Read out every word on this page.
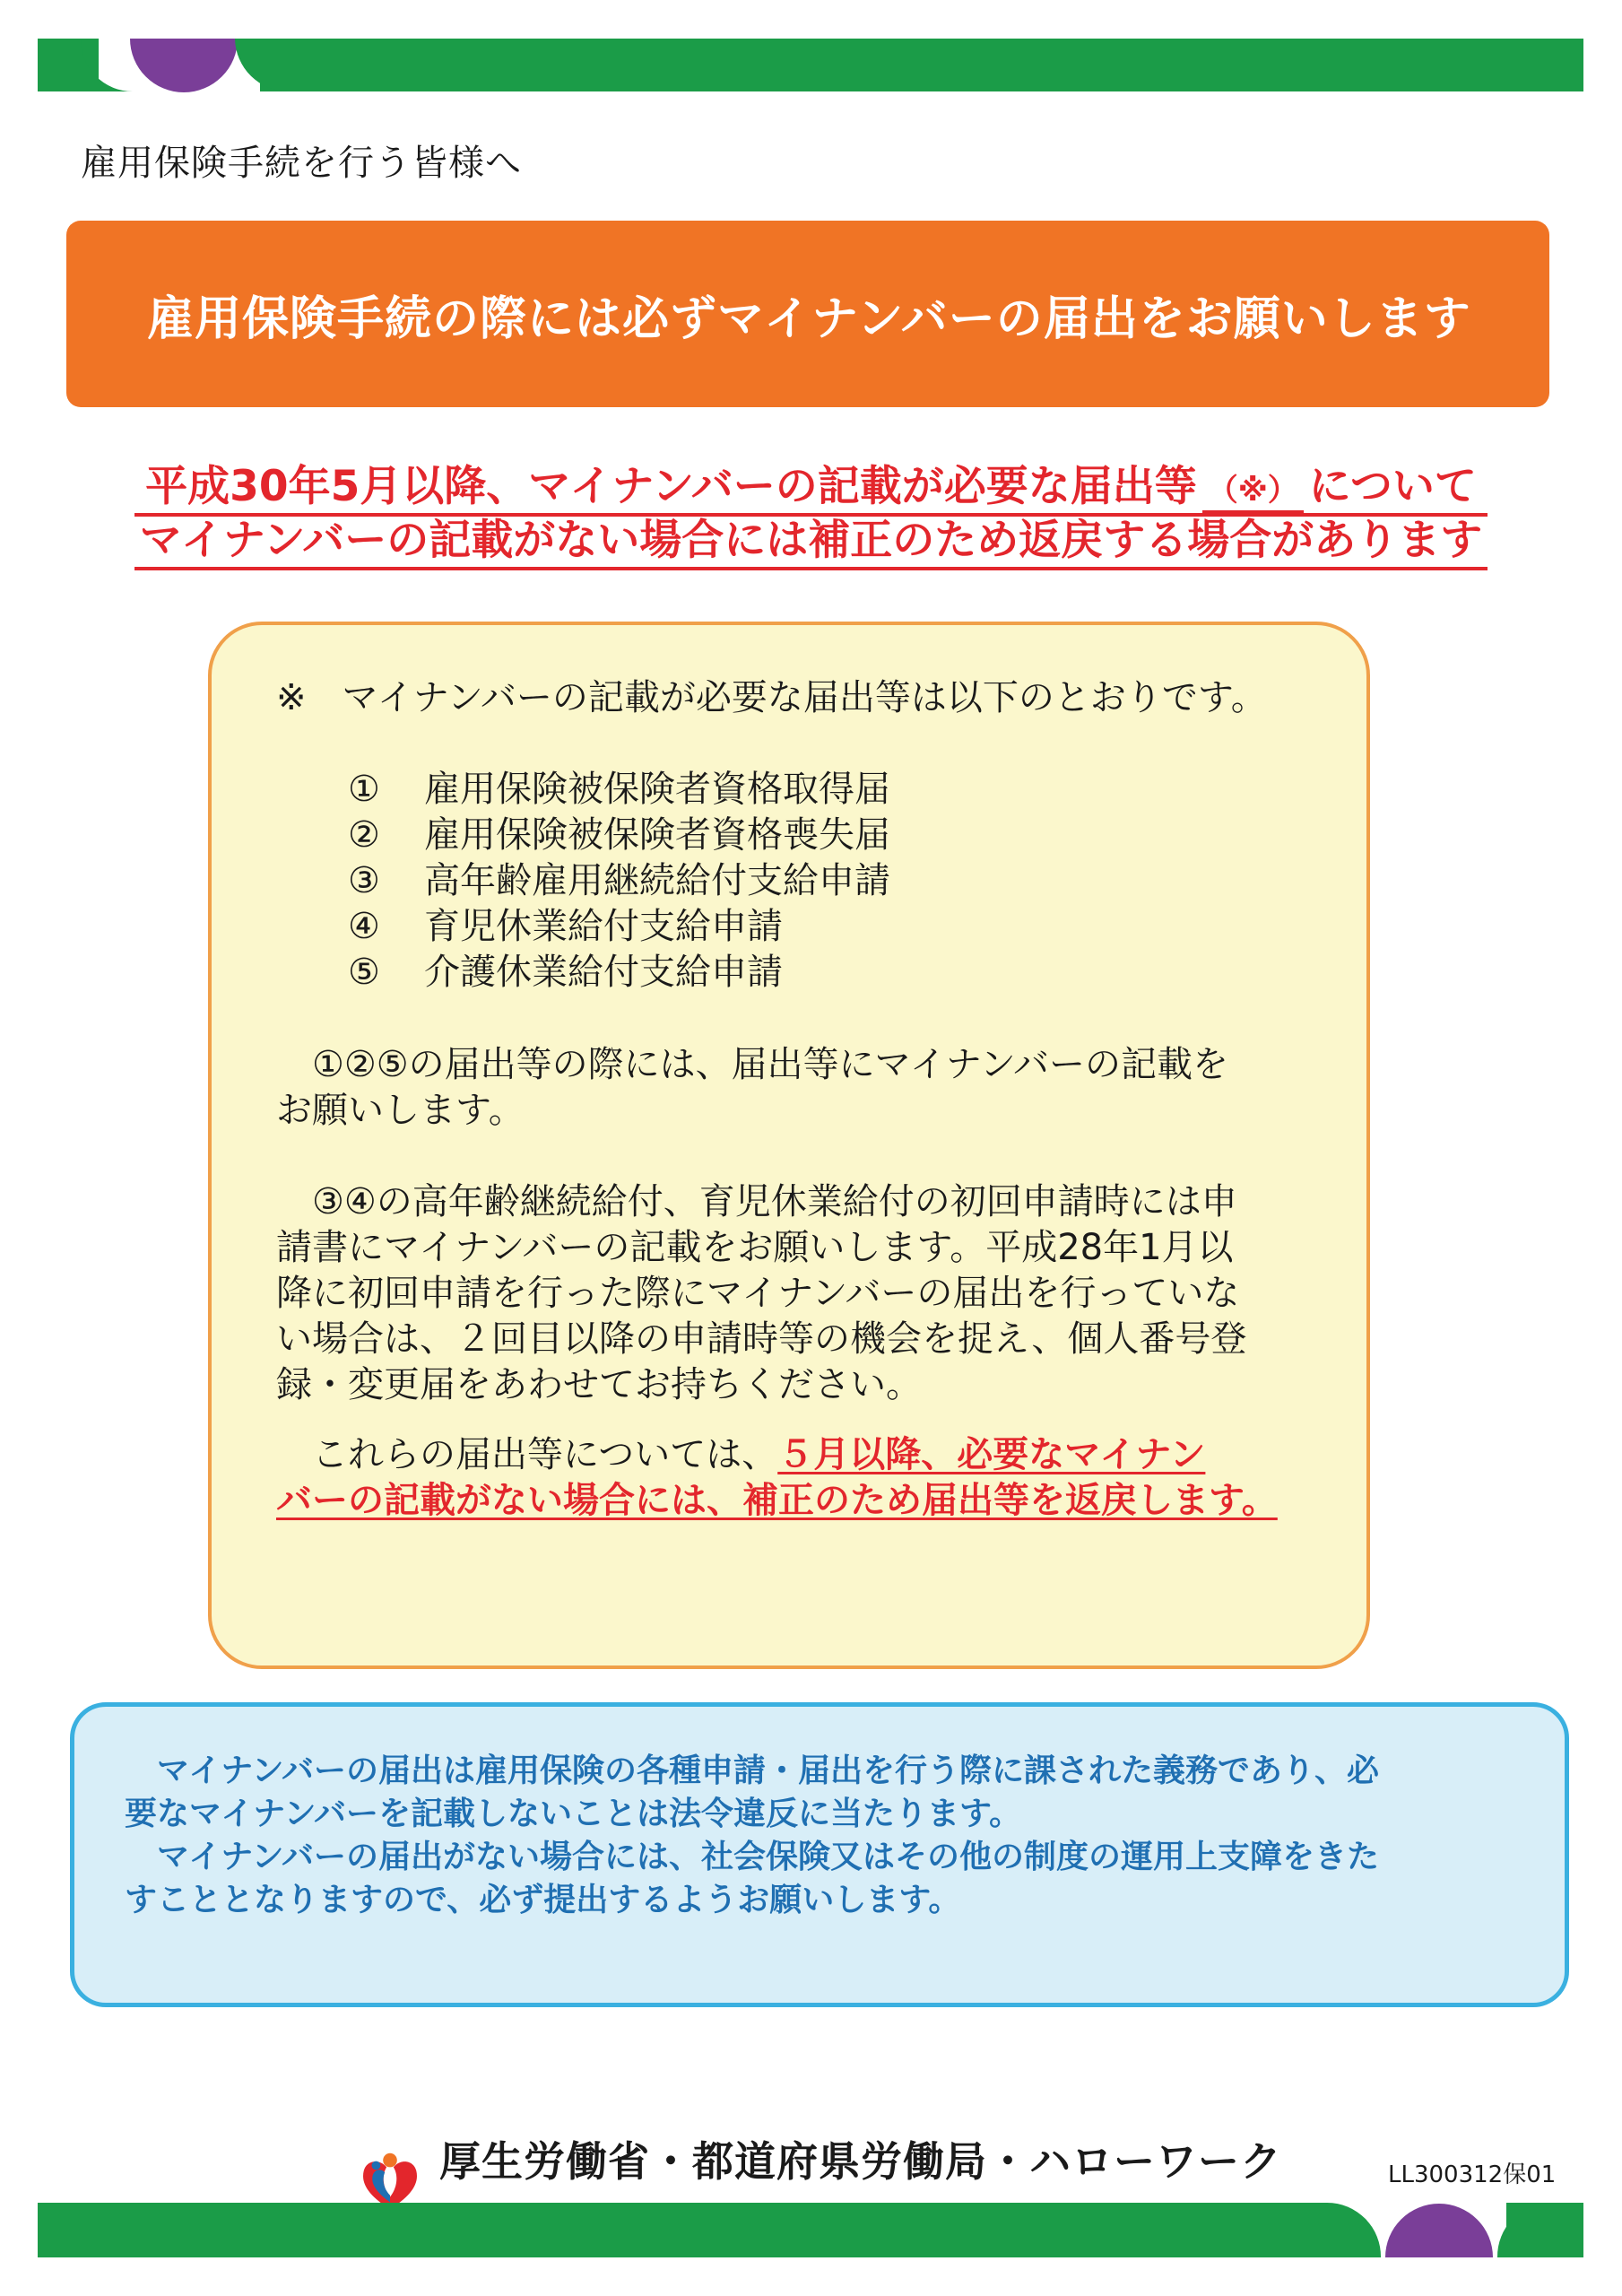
雇用保険手続を行う皆様へ
雇用保険手続の際には必ずマイナンバーの届出をお願いします
平成30年5月以降、マイナンバーの記載が必要な届出等 （※） について
マイナンバーの記載がない場合には補正のため返戻する場合があります
※　マイナンバーの記載が必要な届出等は以下のとおりです。
① 雇用保険被保険者資格取得届
② 雇用保険被保険者資格喪失届
③ 高年齢雇用継続給付支給申請
④ 育児休業給付支給申請
⑤ 介護休業給付支給申請
　①②⑤の届出等の際には、届出等にマイナンバーの記載を
お願いします。
　③④の高年齢継続給付、育児休業給付の初回申請時には申
請書にマイナンバーの記載をお願いします。平成28年1月以
降に初回申請を行った際にマイナンバーの届出を行っていな
い場合は、２回目以降の申請時等の機会を捉え、個人番号登
録・変更届をあわせてお持ちください。
　これらの届出等については、５月以降、必要なマイナン
バーの記載がない場合には、補正のため届出等を返戻します。
　マイナンバーの届出は雇用保険の各種申請・届出を行う際に課された義務であり、必
要なマイナンバーを記載しないことは法令違反に当たります。
　マイナンバーの届出がない場合には、社会保険又はその他の制度の運用上支障をきた
すこととなりますので、必ず提出するようお願いします。
厚生労働省・都道府県労働局・ハローワーク	LL300312保01
